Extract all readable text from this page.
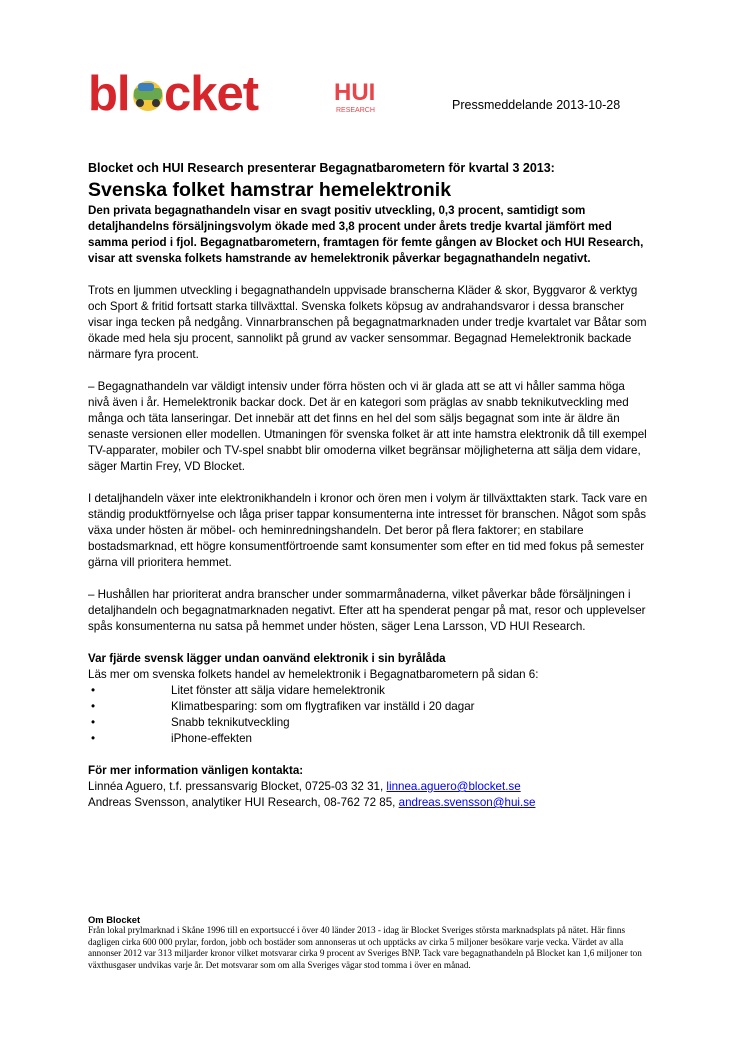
bl cket	HUI
RESEARCH	Pressmeddelande 2013-10-28

Blocket och HUI Research presenterar Begagnatbarometern för kvartal 3 2013:

Svenska folket hamstrar hemelektronik

Den privata begagnathandeln visar en svagt positiv utveckling, 0,3 procent, samtidigt som detaljhandelns försäljningsvolym ökade med 3,8 procent under årets tredje kvartal jämfört med samma period i fjol. Begagnatbarometern, framtagen för femte gången av Blocket och HUI Research, visar att svenska folkets hamstrande av hemelektronik påverkar begagnathandeln negativt.

Trots en ljummen utveckling i begagnathandeln uppvisade branscherna Kläder & skor, Byggvaror & verktyg och Sport & fritid fortsatt starka tillväxttal. Svenska folkets köpsug av andrahandsvaror i dessa branscher visar inga tecken på nedgång. Vinnarbranschen på begagnatmarknaden under tredje kvartalet var Båtar som ökade med hela sju procent, sannolikt på grund av vacker sensommar. Begagnad Hemelektronik backade närmare fyra procent.

– Begagnathandeln var väldigt intensiv under förra hösten och vi är glada att se att vi håller samma höga nivå även i år. Hemelektronik backar dock. Det är en kategori som präglas av snabb teknikutveckling med många och täta lanseringar. Det innebär att det finns en hel del som säljs begagnat som inte är äldre än senaste versionen eller modellen. Utmaningen för svenska folket är att inte hamstra elektronik då till exempel TV-apparater, mobiler och TV-spel snabbt blir omoderna vilket begränsar möjligheterna att sälja dem vidare, säger Martin Frey, VD Blocket.

I detaljhandeln växer inte elektronikhandeln i kronor och ören men i volym är tillväxttakten stark. Tack vare en ständig produktförnyelse och låga priser tappar konsumenterna inte intresset för branschen. Något som spås växa under hösten är möbel- och heminredningshandeln. Det beror på flera faktorer; en stabilare bostadsmarknad, ett högre konsumentförtroende samt konsumenter som efter en tid med fokus på semester gärna vill prioritera hemmet.

– Hushållen har prioriterat andra branscher under sommarmånaderna, vilket påverkar både försäljningen i detaljhandeln och begagnatmarknaden negativt. Efter att ha spenderat pengar på mat, resor och upplevelser spås konsumenterna nu satsa på hemmet under hösten, säger Lena Larsson, VD HUI Research.

Var fjärde svensk lägger undan oanvänd elektronik i sin byrålåda

Läs mer om svenska folkets handel av hemelektronik i Begagnatbarometern på sidan 6:

•	Litet fönster att sälja vidare hemelektronik
•	Klimatbesparing: som om flygtrafiken var inställd i 20 dagar
•	Snabb teknikutveckling
•	iPhone-effekten

För mer information vänligen kontakta:

Linnéa Aguero, t.f. pressansvarig Blocket, 0725-03 32 31, linnea.aguero@blocket.se

Andreas Svensson, analytiker HUI Research, 08-762 72 85, andreas.svensson@hui.se

Om Blocket

Från lokal prylmarknad i Skåne 1996 till en exportsuccé i över 40 länder 2013 - idag är Blocket Sveriges största marknadsplats på nätet. Här finns dagligen cirka 600 000 prylar, fordon, jobb och bostäder som annonseras ut och upptäcks av cirka 5 miljoner besökare varje vecka. Värdet av alla annonser 2012 var 313 miljarder kronor vilket motsvarar cirka 9 procent av Sveriges BNP. Tack vare begagnathandeln på Blocket kan 1,6 miljoner ton växthusgaser undvikas varje år. Det motsvarar som om alla Sveriges vägar stod tomma i över en månad.
